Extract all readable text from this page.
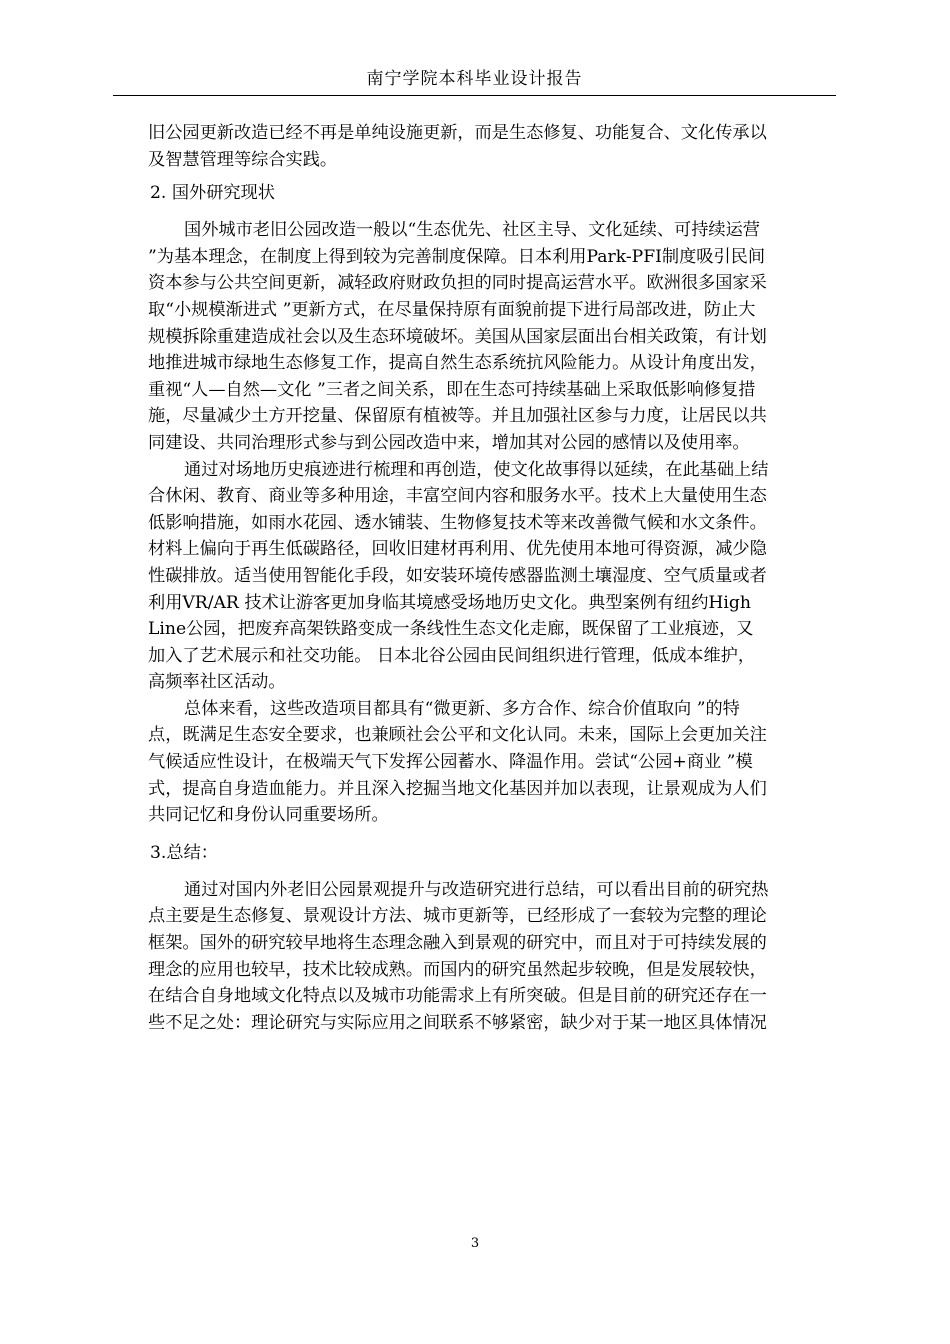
南宁学院本科毕业设计报告
旧公园更新改造已经不再是单纯设施更新，而是生态修复、功能复合、文化传承以
及智慧管理等综合实践。
2. 国外研究现状
国外城市老旧公园改造一般以“生态优先、社区主导、文化延续、可持续运营
”为基本理念，在制度上得到较为完善制度保障。日本利用Park-PFI制度吸引民间
资本参与公共空间更新，减轻政府财政负担的同时提高运营水平。欧洲很多国家采
取“小规模渐进式 ”更新方式，在尽量保持原有面貌前提下进行局部改进，防止大
规模拆除重建造成社会以及生态环境破坏。美国从国家层面出台相关政策，有计划
地推进城市绿地生态修复工作，提高自然生态系统抗风险能力。从设计角度出发，
重视“人—自然—文化 ”三者之间关系，即在生态可持续基础上采取低影响修复措
施，尽量减少土方开挖量、保留原有植被等。并且加强社区参与力度，让居民以共
同建设、共同治理形式参与到公园改造中来，增加其对公园的感情以及使用率。
通过对场地历史痕迹进行梳理和再创造，使文化故事得以延续，在此基础上结
合休闲、教育、商业等多种用途，丰富空间内容和服务水平。技术上大量使用生态
低影响措施，如雨水花园、透水铺装、生物修复技术等来改善微气候和水文条件。
材料上偏向于再生低碳路径，回收旧建材再利用、优先使用本地可得资源，减少隐
性碳排放。适当使用智能化手段，如安装环境传感器监测土壤湿度、空气质量或者
利用VR/AR 技术让游客更加身临其境感受场地历史文化。典型案例有纽约High
Line公园，把废弃高架铁路变成一条线性生态文化走廊，既保留了工业痕迹，又
加入了艺术展示和社交功能。 日本北谷公园由民间组织进行管理，低成本维护，
高频率社区活动。
总体来看，这些改造项目都具有“微更新、多方合作、综合价值取向 ”的特
点，既满足生态安全要求，也兼顾社会公平和文化认同。未来，国际上会更加关注
气候适应性设计，在极端天气下发挥公园蓄水、降温作用。尝试“公园+商业 ”模
式，提高自身造血能力。并且深入挖掘当地文化基因并加以表现，让景观成为人们
共同记忆和身份认同重要场所。
3.总结：
通过对国内外老旧公园景观提升与改造研究进行总结，可以看出目前的研究热
点主要是生态修复、景观设计方法、城市更新等，已经形成了一套较为完整的理论
框架。国外的研究较早地将生态理念融入到景观的研究中，而且对于可持续发展的
理念的应用也较早，技术比较成熟。而国内的研究虽然起步较晚，但是发展较快，
在结合自身地域文化特点以及城市功能需求上有所突破。但是目前的研究还存在一
些不足之处：理论研究与实际应用之间联系不够紧密，缺少对于某一地区具体情况
3
